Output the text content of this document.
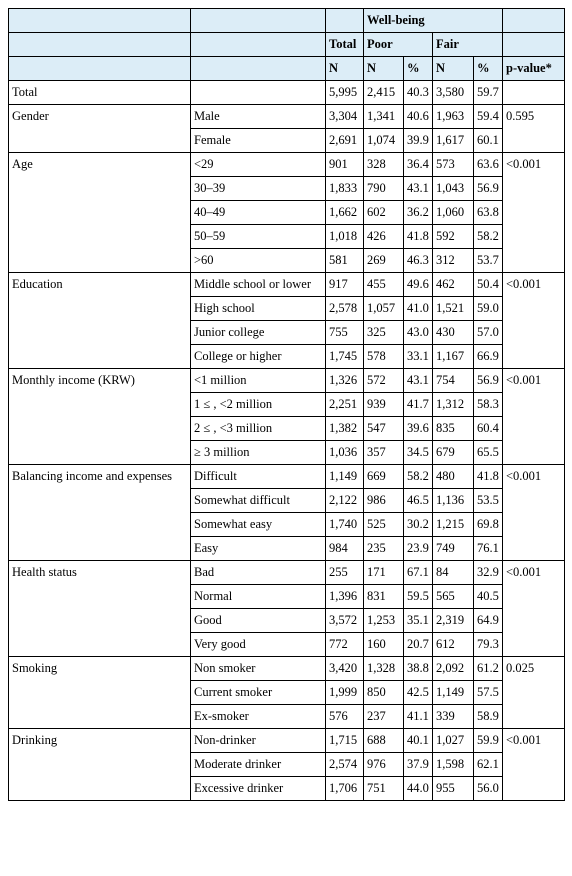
			Well-being				
		Total	Poor		Fair		
		N	N	%	N	%	p-value*
Total		5,995	2,415	40.3	3,580	59.7	
Gender	Male	3,304	1,341	40.6	1,963	59.4	0.595
	Female	2,691	1,074	39.9	1,617	60.1	
Age	<29	901	328	36.4	573	63.6	<0.001
	30–39	1,833	790	43.1	1,043	56.9	
	40–49	1,662	602	36.2	1,060	63.8	
	50–59	1,018	426	41.8	592	58.2	
	>60	581	269	46.3	312	53.7	
Education	Middle school or lower	917	455	49.6	462	50.4	<0.001
	High school	2,578	1,057	41.0	1,521	59.0	
	Junior college	755	325	43.0	430	57.0	
	College or higher	1,745	578	33.1	1,167	66.9	
Monthly income (KRW)	<1 million	1,326	572	43.1	754	56.9	<0.001
	1 ≤ , <2 million	2,251	939	41.7	1,312	58.3	
	2 ≤ , <3 million	1,382	547	39.6	835	60.4	
	≥ 3 million	1,036	357	34.5	679	65.5	
Balancing income and expenses	Difficult	1,149	669	58.2	480	41.8	<0.001
	Somewhat difficult	2,122	986	46.5	1,136	53.5	
	Somewhat easy	1,740	525	30.2	1,215	69.8	
	Easy	984	235	23.9	749	76.1	
Health status	Bad	255	171	67.1	84	32.9	<0.001
	Normal	1,396	831	59.5	565	40.5	
	Good	3,572	1,253	35.1	2,319	64.9	
	Very good	772	160	20.7	612	79.3	
Smoking	Non smoker	3,420	1,328	38.8	2,092	61.2	0.025
	Current smoker	1,999	850	42.5	1,149	57.5	
	Ex-smoker	576	237	41.1	339	58.9	
Drinking	Non-drinker	1,715	688	40.1	1,027	59.9	<0.001
	Moderate drinker	2,574	976	37.9	1,598	62.1	
	Excessive drinker	1,706	751	44.0	955	56.0	
